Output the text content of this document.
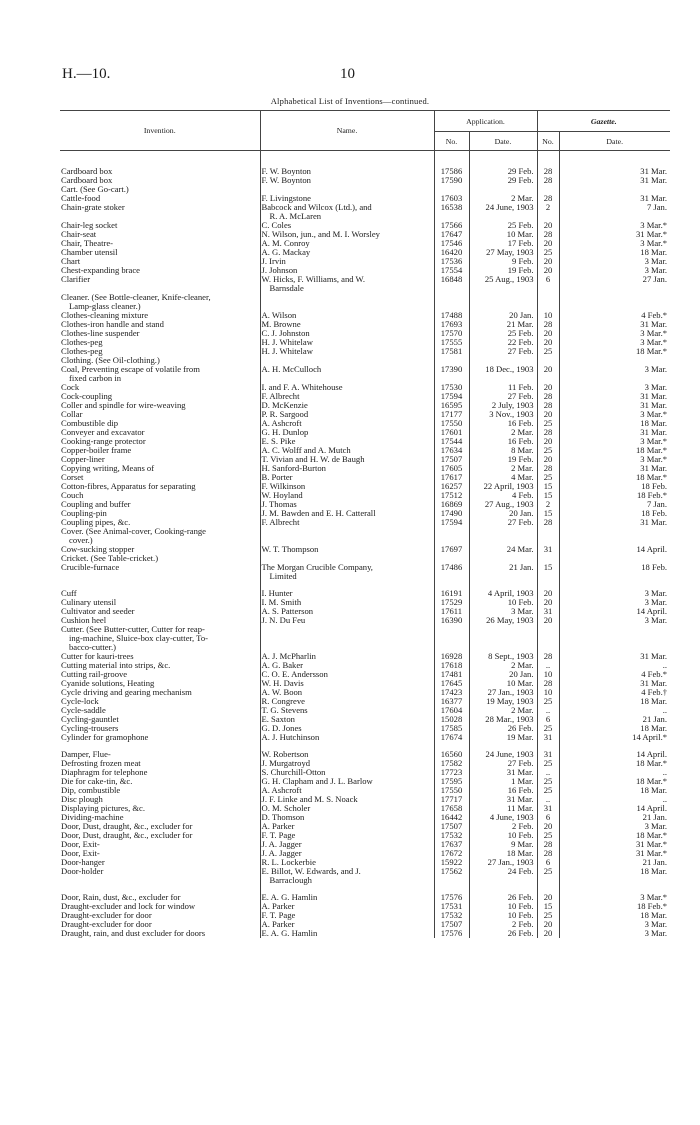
H.—10.	10
Alphabetical List of Inventions—continued.
Invention.	Name.	Application.		Gazette.	
		No.	Date.	No.	Date.

Cardboard box	F. W. Boynton	17586	29 Feb.	28	31 Mar.

Cardboard box	F. W. Boynton	17590	29 Feb.	28	31 Mar.

Cart. (See Go-cart.)					

Cattle-food	F. Livingstone	17603	2 Mar.	28	31 Mar.

Chain-grate stoker	Babcock and Wilcox (Ltd.), and
R. A. McLaren	16538	24 June, 1903	2	7 Jan.

Chair-leg socket	C. Coles	17566	25 Feb.	20	3 Mar.*

Chair-seat	N. Wilson, jun., and M. I. Worsley	17647	10 Mar.	28	31 Mar.*

Chair, Theatre-	A. M. Conroy	17546	17 Feb.	20	3 Mar.*

Chamber utensil	A. G. Mackay	16420	27 May, 1903	25	18 Mar.

Chart	J. Irvin	17536	9 Feb.	20	3 Mar.

Chest-expanding brace	J. Johnson	17554	19 Feb.	20	3 Mar.

Clarifier	W. Hicks, F. Williams, and W.
Barnsdale	16848	25 Aug., 1903	6	27 Jan.

Cleaner. (See Bottle-cleaner, Knife-cleaner,
Lamp-glass cleaner.)					

Clothes-cleaning mixture	A. Wilson	17488	20 Jan.	10	4 Feb.*

Clothes-iron handle and stand	M. Browne	17693	21 Mar.	28	31 Mar.

Clothes-line suspender	C. J. Johnston	17570	25 Feb.	20	3 Mar.*

Clothes-peg	H. J. Whitelaw	17555	22 Feb.	20	3 Mar.*

Clothes-peg	H. J. Whitelaw	17581	27 Feb.	25	18 Mar.*

Clothing. (See Oil-clothing.)					

Coal, Preventing escape of volatile from
fixed carbon in	A. H. McCulloch	17390	18 Dec., 1903	20	3 Mar.

Cock	I. and F. A. Whitehouse	17530	11 Feb.	20	3 Mar.

Cock-coupling	F. Albrecht	17594	27 Feb.	28	31 Mar.

Coller and spindle for wire-weaving	D. McKenzie	16595	2 July, 1903	28	31 Mar.

Collar	P. R. Sargood	17177	3 Nov., 1903	20	3 Mar.*

Combustible dip	A. Ashcroft	17550	16 Feb.	25	18 Mar.

Conveyer and excavator	G. H. Dunlop	17601	2 Mar.	28	31 Mar.

Cooking-range protector	E. S. Pike	17544	16 Feb.	20	3 Mar.*

Copper-boiler frame	A. C. Wolff and A. Mutch	17634	8 Mar.	25	18 Mar.*

Copper-liner	T. Vivian and H. W. de Baugh	17507	19 Feb.	20	3 Mar.*

Copying writing, Means of	H. Sanford-Burton	17605	2 Mar.	28	31 Mar.

Corset	B. Porter	17617	4 Mar.	25	18 Mar.*

Cotton-fibres, Apparatus for separating	F. Wilkinson	16257	22 April, 1903	15	18 Feb.

Couch	W. Hoyland	17512	4 Feb.	15	18 Feb.*

Coupling and buffer	J. Thomas	16869	27 Aug., 1903	2	7 Jan.

Coupling-pin	J. M. Bawden and E. H. Catterall	17490	20 Jan.	15	18 Feb.

Coupling pipes, &c.	F. Albrecht	17594	27 Feb.	28	31 Mar.

Cover. (See Animal-cover, Cooking-range
cover.)					

Cow-sucking stopper	W. T. Thompson	17697	24 Mar.	31	14 April.

Cricket. (See Table-cricket.)					

Crucible-furnace	The Morgan Crucible Company,
Limited	17486	21 Jan.	15	18 Feb.

Cuff	I. Hunter	16191	4 April, 1903	20	3 Mar.

Culinary utensil	I. M. Smith	17529	10 Feb.	20	3 Mar.

Cultivator and seeder	A. S. Patterson	17611	3 Mar.	31	14 April.

Cushion heel	J. N. Du Feu	16390	26 May, 1903	20	3 Mar.

Cutter. (See Butter-cutter, Cutter for reap-
ing-machine, Sluice-box clay-cutter, To-
bacco-cutter.)					

Cutter for kauri-trees	A. J. McPharlin	16928	8 Sept., 1903	28	31 Mar.

Cutting material into strips, &c.	A. G. Baker	17618	2 Mar.	..	..

Cutting rail-groove	C. O. E. Andersson	17481	20 Jan.	10	4 Feb.*

Cyanide solutions, Heating	W. H. Davis	17645	10 Mar.	28	31 Mar.

Cycle driving and gearing mechanism	A. W. Boon	17423	27 Jan., 1903	10	4 Feb.†

Cycle-lock	R. Congreve	16377	19 May, 1903	25	18 Mar.

Cycle-saddle	T. G. Stevens	17604	2 Mar.	..	..

Cycling-gauntlet	E. Saxton	15028	28 Mar., 1903	6	21 Jan.

Cycling-trousers	G. D. Jones	17585	26 Feb.	25	18 Mar.

Cylinder for gramophone	A. J. Hutchinson	17674	19 Mar.	31	14 April.*

Damper, Flue-	W. Robertson	16560	24 June, 1903	31	14 April.

Defrosting frozen meat	J. Murgatroyd	17582	27 Feb.	25	18 Mar.*

Diaphragm for telephone	S. Churchill-Otton	17723	31 Mar.	..	..

Die for cake-tin, &c.	G. H. Clapham and J. L. Barlow	17595	1 Mar.	25	18 Mar.*

Dip, combustible	A. Ashcroft	17550	16 Feb.	25	18 Mar.

Disc plough	J. F. Linke and M. S. Noack	17717	31 Mar.	..	..

Displaying pictures, &c.	O. M. Scholer	17658	11 Mar.	31	14 April.

Dividing-machine	D. Thomson	16442	4 June, 1903	6	21 Jan.

Door, Dust, draught, &c., excluder for	A. Parker	17507	2 Feb.	20	3 Mar.

Door, Dust, draught, &c., excluder for	F. T. Page	17532	10 Feb.	25	18 Mar.*

Door, Exit-	J. A. Jagger	17637	9 Mar.	28	31 Mar.*

Door, Exit-	J. A. Jagger	17672	18 Mar.	28	31 Mar.*

Door-hanger	R. L. Lockerbie	15922	27 Jan., 1903	6	21 Jan.

Door-holder	E. Billot, W. Edwards, and J.
Barraclough	17562	24 Feb.	25	18 Mar.

Door, Rain, dust, &c., excluder for	E. A. G. Hamlin	17576	26 Feb.	20	3 Mar.*

Draught-excluder and lock for window	A. Parker	17531	10 Feb.	15	18 Feb.*

Draught-excluder for door	F. T. Page	17532	10 Feb.	25	18 Mar.

Draught-excluder for door	A. Parker	17507	2 Feb.	20	3 Mar.

Draught, rain, and dust excluder for doors	E. A. G. Hamlin	17576	26 Feb.	20	3 Mar.
